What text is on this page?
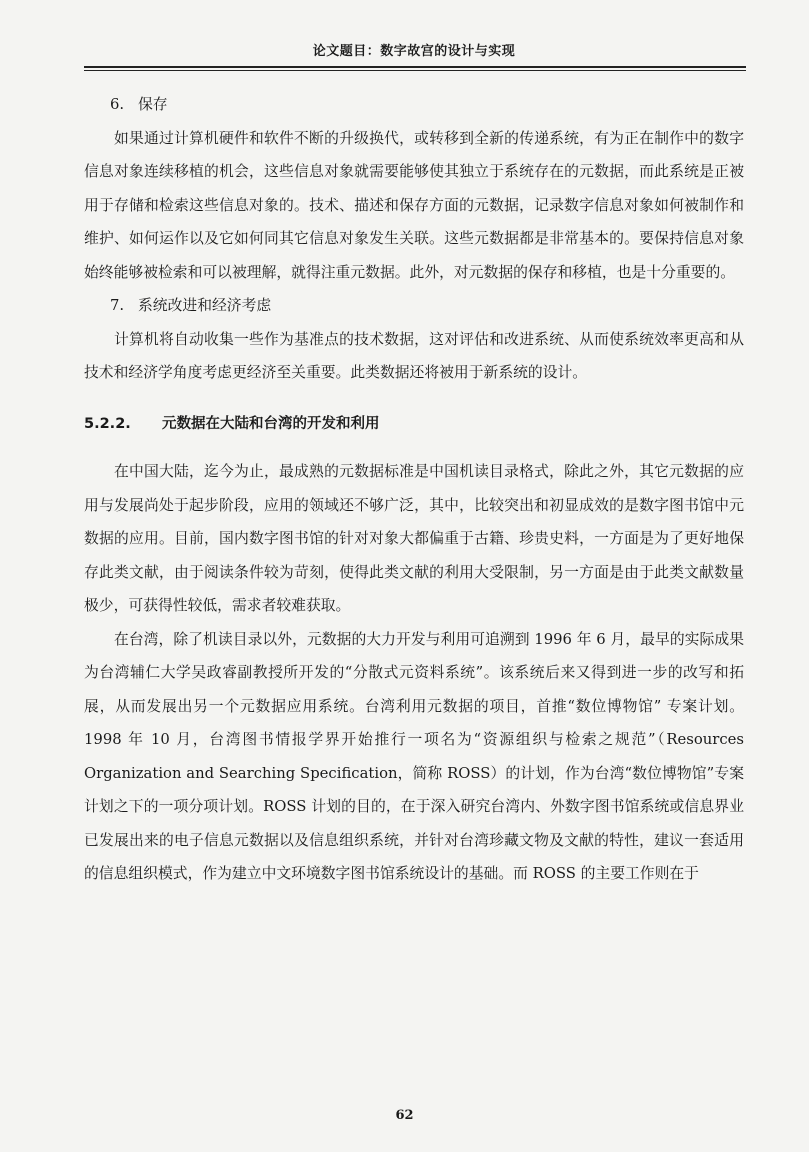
论文题目：数字故宫的设计与实现
6. 保存

如果通过计算机硬件和软件不断的升级换代，或转移到全新的传递系统，有为正在制作中的数字信息对象连续移植的机会，这些信息对象就需要能够使其独立于系统存在的元数据，而此系统是正被用于存储和检索这些信息对象的。技术、描述和保存方面的元数据，记录数字信息对象如何被制作和维护、如何运作以及它如何同其它信息对象发生关联。这些元数据都是非常基本的。要保持信息对象始终能够被检索和可以被理解，就得注重元数据。此外，对元数据的保存和移植，也是十分重要的。

7. 系统改进和经济考虑

计算机将自动收集一些作为基准点的技术数据，这对评估和改进系统、从而使系统效率更高和从技术和经济学角度考虑更经济至关重要。此类数据还将被用于新系统的设计。

5.2.2. 元数据在大陆和台湾的开发和利用

在中国大陆，迄今为止，最成熟的元数据标准是中国机读目录格式，除此之外，其它元数据的应用与发展尚处于起步阶段，应用的领域还不够广泛，其中，比较突出和初显成效的是数字图书馆中元数据的应用。目前，国内数字图书馆的针对对象大都偏重于古籍、珍贵史料，一方面是为了更好地保存此类文献，由于阅读条件较为苛刻，使得此类文献的利用大受限制，另一方面是由于此类文献数量极少，可获得性较低，需求者较难获取。

在台湾，除了机读目录以外，元数据的大力开发与利用可追溯到 1996 年 6 月，最早的实际成果为台湾辅仁大学吴政睿副教授所开发的“分散式元资料系统”。该系统后来又得到进一步的改写和拓展，从而发展出另一个元数据应用系统。台湾利用元数据的项目，首推“数位博物馆” 专案计划。1998 年 10 月，台湾图书情报学界开始推行一项名为“资源组织与检索之规范”（Resources Organization and Searching Specification，简称 ROSS）的计划，作为台湾“数位博物馆”专案计划之下的一项分项计划。ROSS 计划的目的，在于深入研究台湾内、外数字图书馆系统或信息界业已发展出来的电子信息元数据以及信息组织系统，并针对台湾珍藏文物及文献的特性，建议一套适用的信息组织模式，作为建立中文环境数字图书馆系统设计的基础。而 ROSS 的主要工作则在于

62
